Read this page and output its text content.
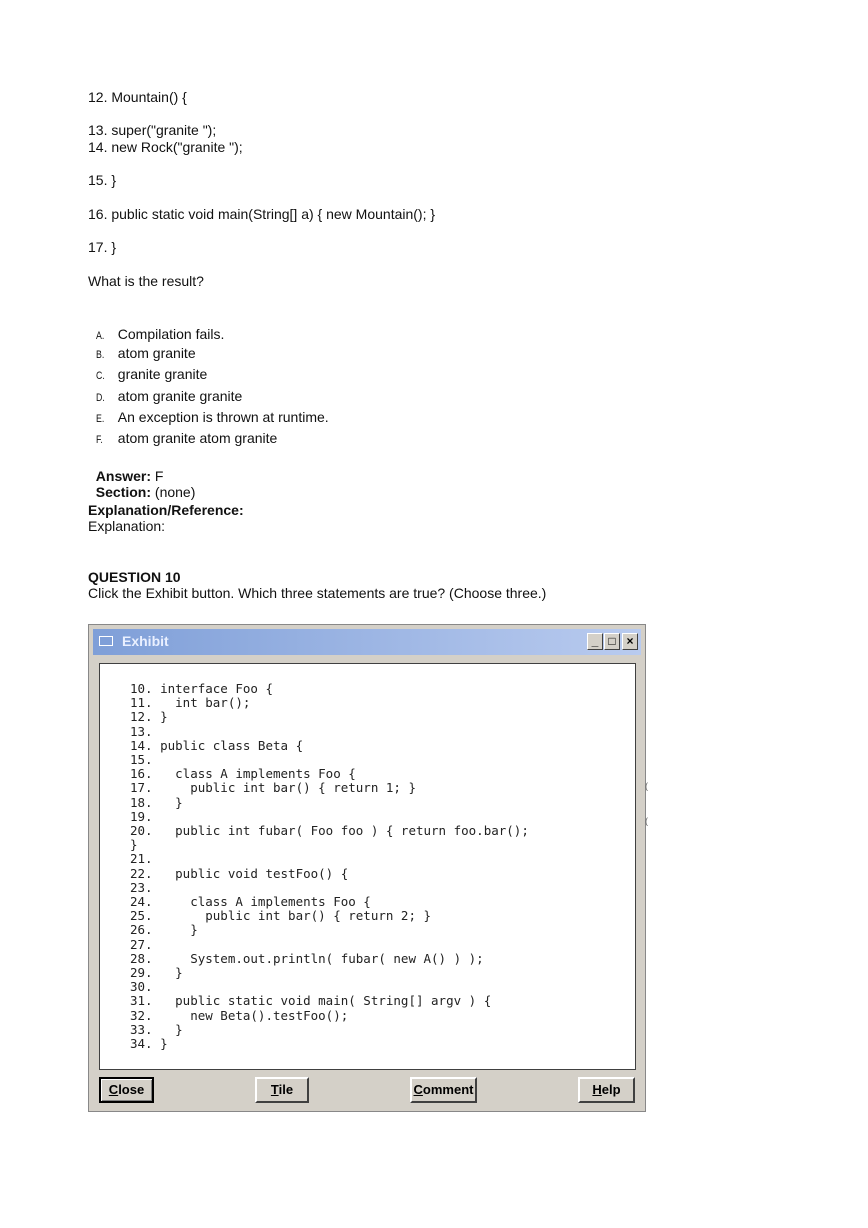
12. Mountain() {
13. super("granite ");
14. new Rock("granite ");
15. }
16. public static void main(String[] a) { new Mountain(); }
17. }
What is the result?

A. Compilation fails.

B. atom granite

C. granite granite

D. atom granite granite

E. An exception is thrown at runtime.

F. atom granite atom granite

Answer: F

Section: (none)

Explanation/Reference:
Explanation:
QUESTION 10
Click the Exhibit button. Which three statements are true? (Choose three.)
Exhibit	_ □ ×
10. interface Foo {
11.   int bar();
12. }
13.
14. public class Beta {
15.
16.   class A implements Foo {
17.     public int bar() { return 1; }
18.   }
19.
20.   public int fubar( Foo foo ) { return foo.bar();
}
21.
22.   public void testFoo() {
23.
24.     class A implements Foo {
25.       public int bar() { return 2; }
26.     }
27.
28.     System.out.println( fubar( new A() ) );
29.   }
30.
31.   public static void main( String[] argv ) {
32.     new Beta().testFoo();
33.   }
34. }
Close	Tile	Comment	Help
(
(
